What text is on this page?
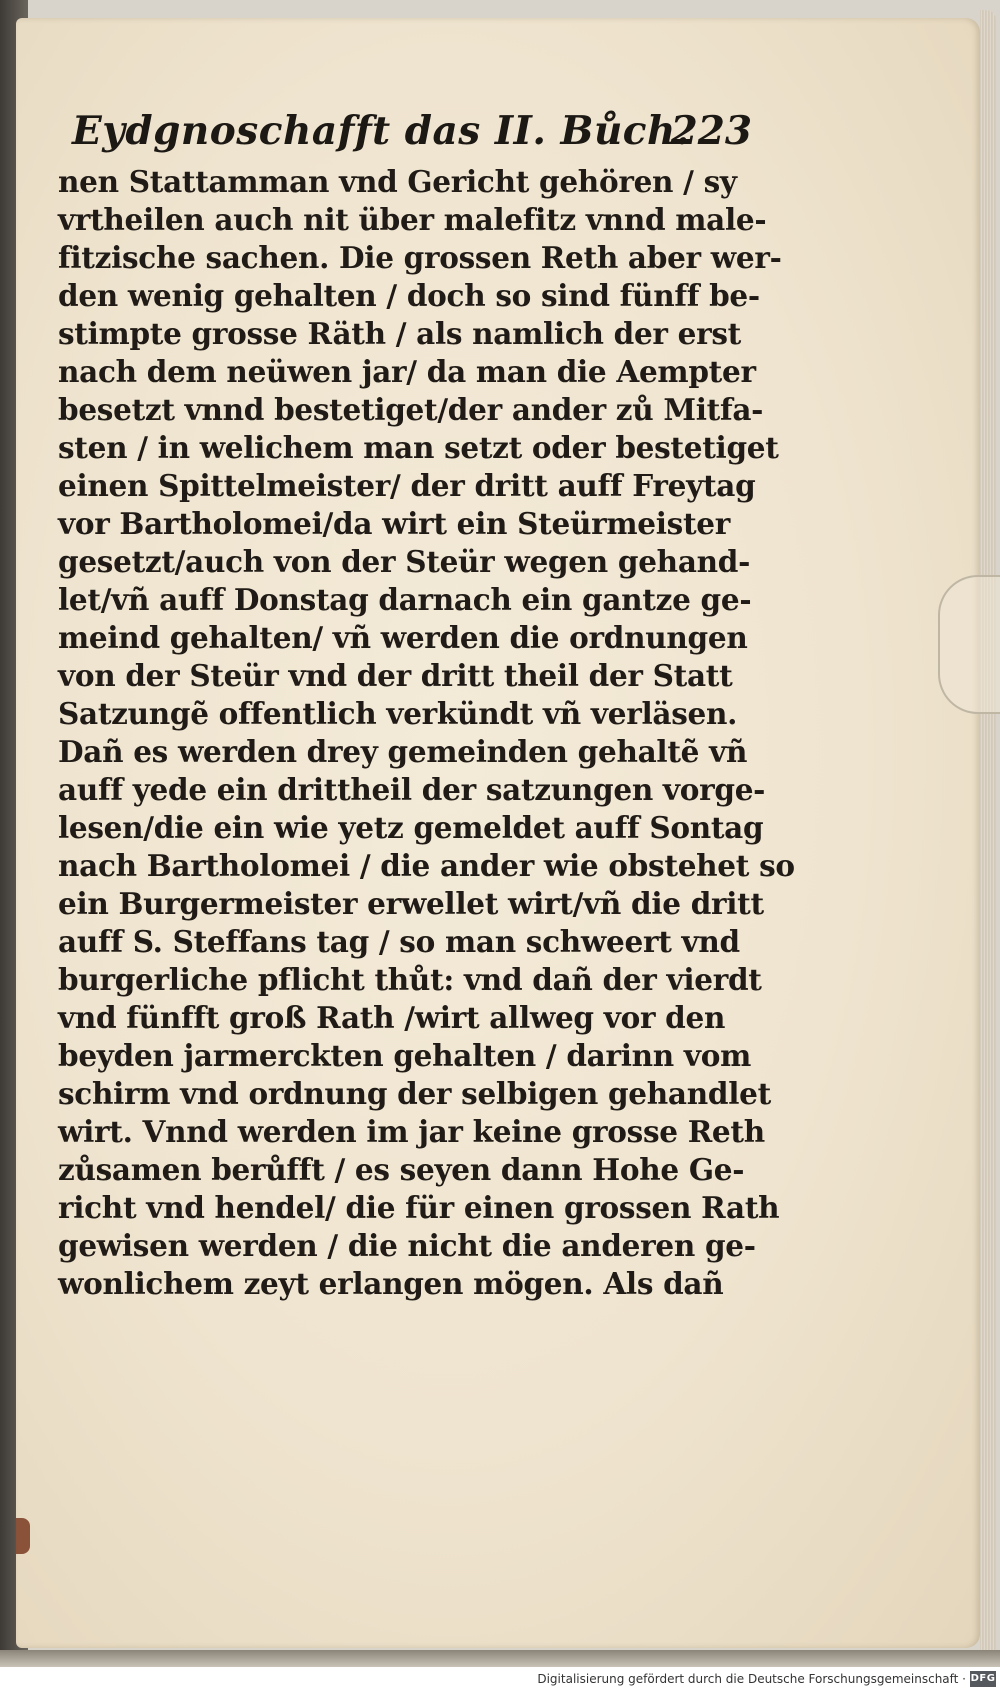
Eydgnoschafft das II. Bůch.
223
nen Stattamman vnd Gericht gehören / sy
vrtheilen auch nit über malefitz vnnd male-
fitzische sachen. Die grossen Reth aber wer-
den wenig gehalten / doch so sind fünff be-
stimpte grosse Räth / als namlich der erst
nach dem neüwen jar/ da man die Aempter
besetzt vnnd bestetiget/der ander zů Mitfa-
sten / in welichem man setzt oder bestetiget
einen Spittelmeister/ der dritt auff Freytag
vor Bartholomei/da wirt ein Steürmeister
gesetzt/auch von der Steür wegen gehand-
let/vñ auff Donstag darnach ein gantze ge-
meind gehalten/ vñ werden die ordnungen
von der Steür vnd der dritt theil der Statt
Satzungẽ offentlich verkündt vñ verläsen.
Dañ es werden drey gemeinden gehaltẽ vñ
auff yede ein drittheil der satzungen vorge-
lesen/die ein wie yetz gemeldet auff Sontag
nach Bartholomei / die ander wie obstehet so
ein Burgermeister erwellet wirt/vñ die dritt
auff S. Steffans tag / so man schweert vnd
burgerliche pflicht thůt: vnd dañ der vierdt
vnd fünfft groß Rath /wirt allweg vor den
beyden jarmerckten gehalten / darinn vom
schirm vnd ordnung der selbigen gehandlet
wirt. Vnnd werden im jar keine grosse Reth
zůsamen berůfft / es seyen dann Hohe Ge-
richt vnd hendel/ die für einen grossen Rath
gewisen werden / die nicht die anderen ge-
wonlichem zeyt erlangen mögen. Als dañ
Digitalisierung gefördert durch die Deutsche Forschungsgemeinschaft · DFG
